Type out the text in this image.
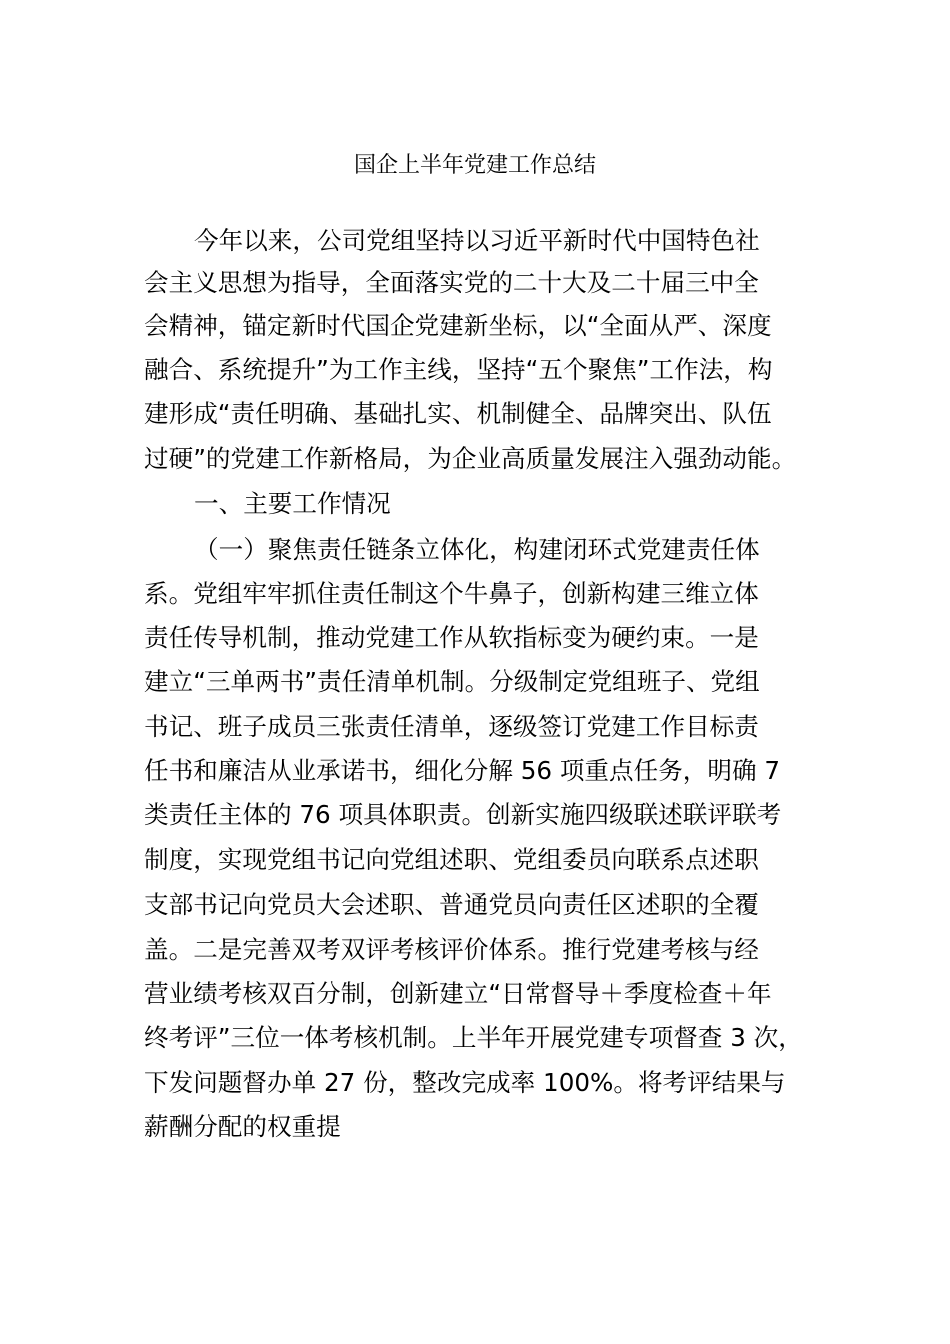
国企上半年党建工作总结
今年以来，公司党组坚持以习近平新时代中国特色社
会主义思想为指导，全面落实党的二十大及二十届三中全
会精神，锚定新时代国企党建新坐标，以“全面从严、深度
融合、系统提升”为工作主线，坚持“五个聚焦”工作法，构
建形成“责任明确、基础扎实、机制健全、品牌突出、队伍
过硬”的党建工作新格局，为企业高质量发展注入强劲动能。
一、主要工作情况
（一）聚焦责任链条立体化，构建闭环式党建责任体
系。党组牢牢抓住责任制这个牛鼻子，创新构建三维立体
责任传导机制，推动党建工作从软指标变为硬约束。一是
建立“三单两书”责任清单机制。分级制定党组班子、党组
书记、班子成员三张责任清单，逐级签订党建工作目标责
任书和廉洁从业承诺书，细化分解 56 项重点任务，明确 7
类责任主体的 76 项具体职责。创新实施四级联述联评联考
制度，实现党组书记向党组述职、党组委员向联系点述职
支部书记向党员大会述职、普通党员向责任区述职的全覆
盖。二是完善双考双评考核评价体系。推行党建考核与经
营业绩考核双百分制，创新建立“日常督导＋季度检查＋年
终考评”三位一体考核机制。上半年开展党建专项督查 3 次，
下发问题督办单 27 份，整改完成率 100%。将考评结果与
薪酬分配的权重提
